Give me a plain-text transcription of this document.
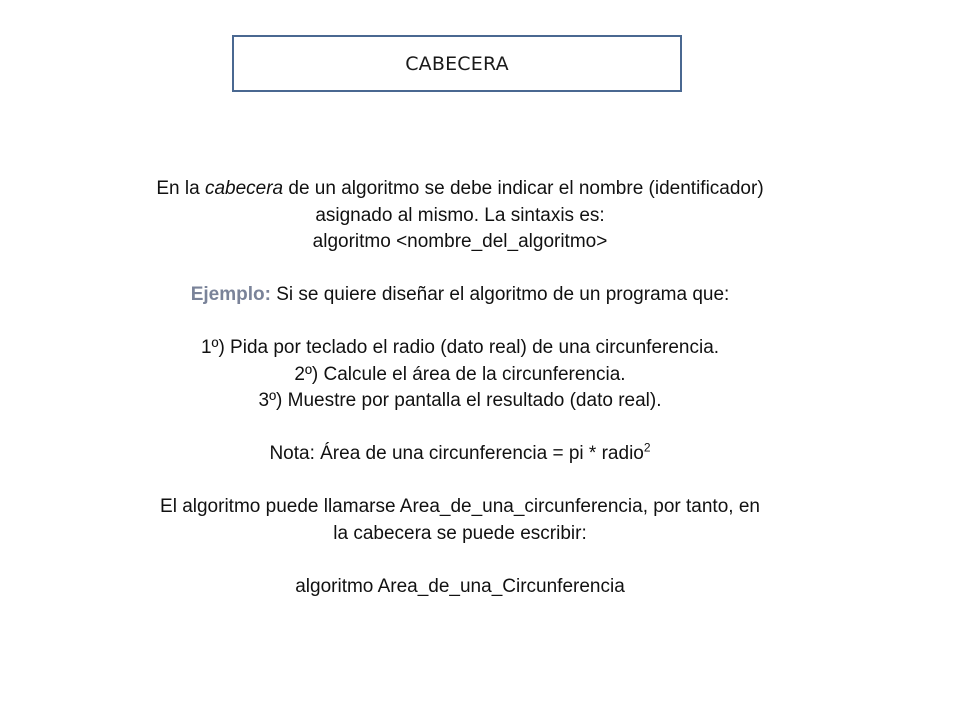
CABECERA
En la cabecera de un algoritmo se debe indicar el nombre (identificador)
asignado al mismo. La sintaxis es:
algoritmo <nombre_del_algoritmo>
Ejemplo: Si se quiere diseñar el algoritmo de un programa que:
1º) Pida por teclado el radio (dato real) de una circunferencia.
2º) Calcule el área de la circunferencia.
3º) Muestre por pantalla el resultado (dato real).
Nota: Área de una circunferencia = pi * radio$^2$
El algoritmo puede llamarse Area_de_una_circunferencia, por tanto, en
la cabecera se puede escribir:
algoritmo Area_de_una_Circunferencia
